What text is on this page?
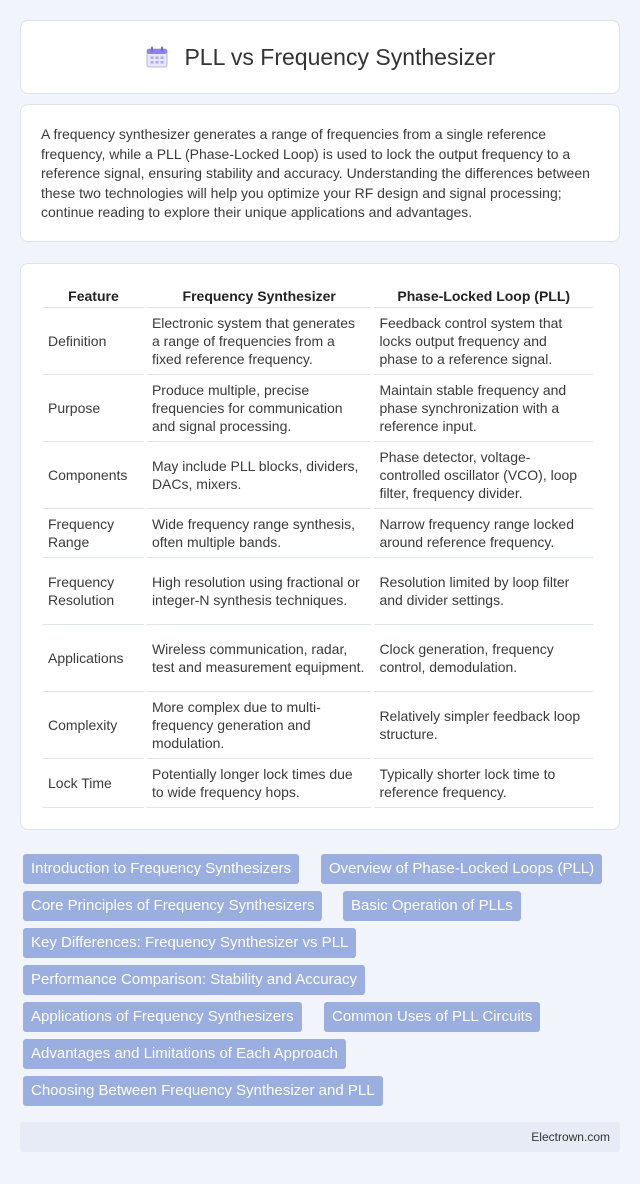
PLL vs Frequency Synthesizer

A frequency synthesizer generates a range of frequencies from a single reference frequency, while a PLL (Phase-Locked Loop) is used to lock the output frequency to a reference signal, ensuring stability and accuracy. Understanding the differences between these two technologies will help you optimize your RF design and signal processing; continue reading to explore their unique applications and advantages.

Feature	Frequency Synthesizer	Phase-Locked Loop (PLL)
Definition	Electronic system that generates a range of frequencies from a fixed reference frequency.	Feedback control system that locks output frequency and phase to a reference signal.
Purpose	Produce multiple, precise frequencies for communication and signal processing.	Maintain stable frequency and phase synchronization with a reference input.
Components	May include PLL blocks, dividers, DACs, mixers.	Phase detector, voltage-controlled oscillator (VCO), loop filter, frequency divider.
Frequency Range	Wide frequency range synthesis, often multiple bands.	Narrow frequency range locked around reference frequency.
Frequency Resolution	High resolution using fractional or integer-N synthesis techniques.	Resolution limited by loop filter and divider settings.
Applications	Wireless communication, radar, test and measurement equipment.	Clock generation, frequency control, demodulation.
Complexity	More complex due to multi-frequency generation and modulation.	Relatively simpler feedback loop structure.
Lock Time	Potentially longer lock times due to wide frequency hops.	Typically shorter lock time to reference frequency.
Introduction to Frequency Synthesizers	Overview of Phase-Locked Loops (PLL)
Core Principles of Frequency Synthesizers	Basic Operation of PLLs
Key Differences: Frequency Synthesizer vs PLL
Performance Comparison: Stability and Accuracy
Applications of Frequency Synthesizers	Common Uses of PLL Circuits
Advantages and Limitations of Each Approach
Choosing Between Frequency Synthesizer and PLL
Electrown.com
